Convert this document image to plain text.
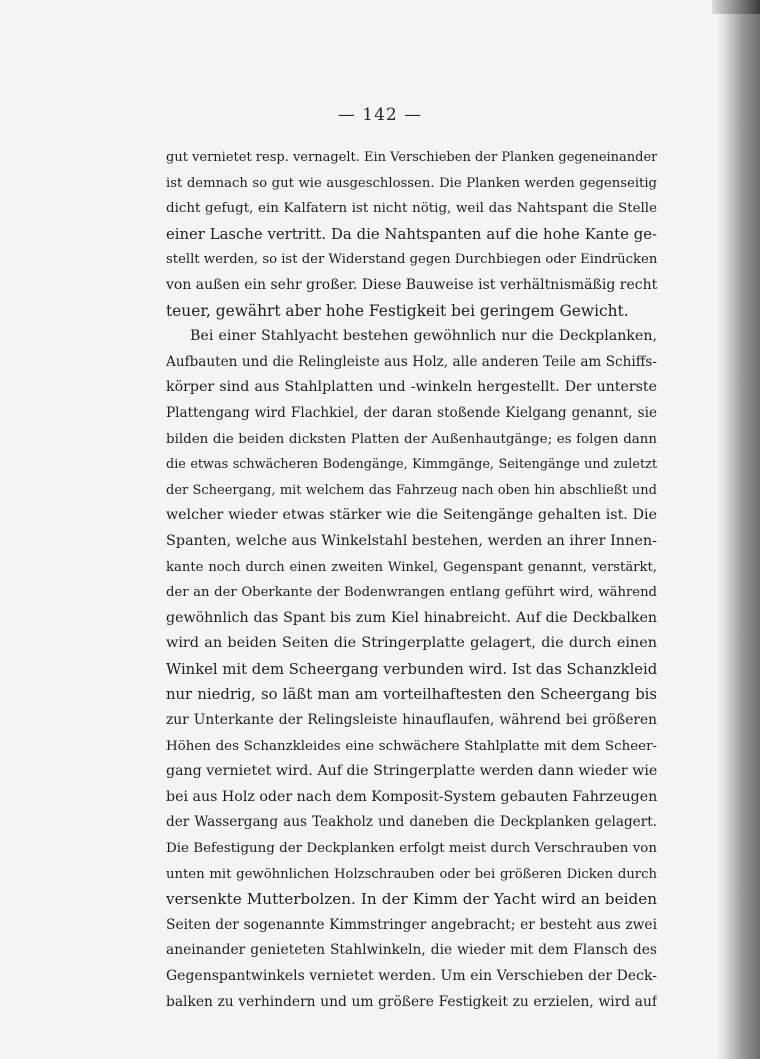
— 142 —
gut vernietet resp. vernagelt. Ein Verschieben der Planken gegeneinander
ist demnach so gut wie ausgeschlossen. Die Planken werden gegenseitig
dicht gefugt, ein Kalfatern ist nicht nötig, weil das Nahtspant die Stelle
einer Lasche vertritt. Da die Nahtspanten auf die hohe Kante ge-
stellt werden, so ist der Widerstand gegen Durchbiegen oder Eindrücken
von außen ein sehr großer. Diese Bauweise ist verhältnismäßig recht
teuer, gewährt aber hohe Festigkeit bei geringem Gewicht.
Bei einer Stahlyacht bestehen gewöhnlich nur die Deckplanken,
Aufbauten und die Relingleiste aus Holz, alle anderen Teile am Schiffs-
körper sind aus Stahlplatten und -winkeln hergestellt. Der unterste
Plattengang wird Flachkiel, der daran stoßende Kielgang genannt, sie
bilden die beiden dicksten Platten der Außenhautgänge; es folgen dann
die etwas schwächeren Bodengänge, Kimmgänge, Seitengänge und zuletzt
der Scheergang, mit welchem das Fahrzeug nach oben hin abschließt und
welcher wieder etwas stärker wie die Seitengänge gehalten ist. Die
Spanten, welche aus Winkelstahl bestehen, werden an ihrer Innen-
kante noch durch einen zweiten Winkel, Gegenspant genannt, verstärkt,
der an der Oberkante der Bodenwrangen entlang geführt wird, während
gewöhnlich das Spant bis zum Kiel hinabreicht. Auf die Deckbalken
wird an beiden Seiten die Stringerplatte gelagert, die durch einen
Winkel mit dem Scheergang verbunden wird. Ist das Schanzkleid
nur niedrig, so läßt man am vorteilhaftesten den Scheergang bis
zur Unterkante der Relingsleiste hinauflaufen, während bei größeren
Höhen des Schanzkleides eine schwächere Stahlplatte mit dem Scheer-
gang vernietet wird. Auf die Stringerplatte werden dann wieder wie
bei aus Holz oder nach dem Komposit-System gebauten Fahrzeugen
der Wassergang aus Teakholz und daneben die Deckplanken gelagert.
Die Befestigung der Deckplanken erfolgt meist durch Verschrauben von
unten mit gewöhnlichen Holzschrauben oder bei größeren Dicken durch
versenkte Mutterbolzen. In der Kimm der Yacht wird an beiden
Seiten der sogenannte Kimmstringer angebracht; er besteht aus zwei
aneinander genieteten Stahlwinkeln, die wieder mit dem Flansch des
Gegenspantwinkels vernietet werden. Um ein Verschieben der Deck-
balken zu verhindern und um größere Festigkeit zu erzielen, wird auf
